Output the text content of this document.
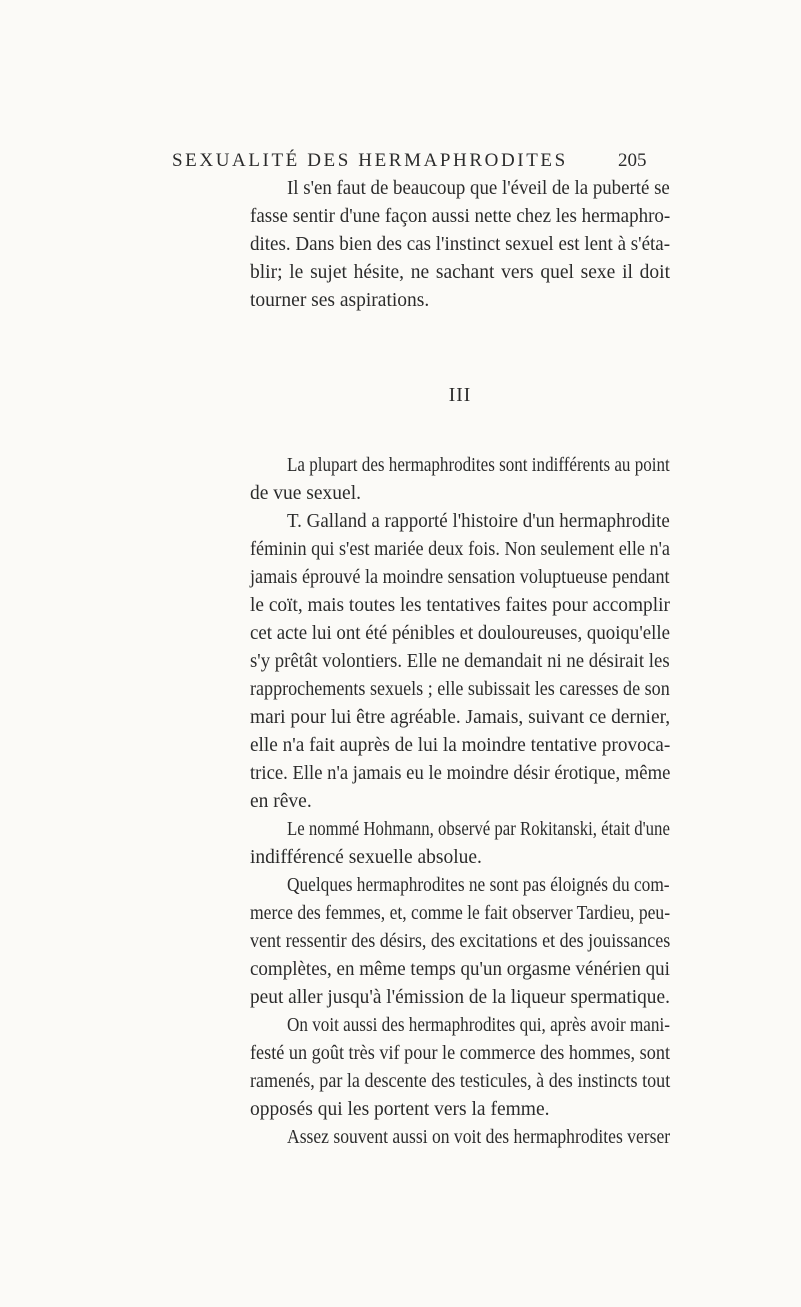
SEXUALITÉ DES HERMAPHRODITES	205
Il s'en faut de beaucoup que l'éveil de la puberté se
fasse sentir d'une façon aussi nette chez les hermaphro-
dites. Dans bien des cas l'instinct sexuel est lent à s'éta-
blir; le sujet hésite, ne sachant vers quel sexe il doit
tourner ses aspirations.
III
La plupart des hermaphrodites sont indifférents au point
de vue sexuel.
T. Galland a rapporté l'histoire d'un hermaphrodite
féminin qui s'est mariée deux fois. Non seulement elle n'a
jamais éprouvé la moindre sensation voluptueuse pendant
le coït, mais toutes les tentatives faites pour accomplir
cet acte lui ont été pénibles et douloureuses, quoiqu'elle
s'y prêtât volontiers. Elle ne demandait ni ne désirait les
rapprochements sexuels ; elle subissait les caresses de son
mari pour lui être agréable. Jamais, suivant ce dernier,
elle n'a fait auprès de lui la moindre tentative provoca-
trice. Elle n'a jamais eu le moindre désir érotique, même
en rêve.
Le nommé Hohmann, observé par Rokitanski, était d'une
indifférencé sexuelle absolue.
Quelques hermaphrodites ne sont pas éloignés du com-
merce des femmes, et, comme le fait observer Tardieu, peu-
vent ressentir des désirs, des excitations et des jouissances
complètes, en même temps qu'un orgasme vénérien qui
peut aller jusqu'à l'émission de la liqueur spermatique.
On voit aussi des hermaphrodites qui, après avoir mani-
festé un goût très vif pour le commerce des hommes, sont
ramenés, par la descente des testicules, à des instincts tout
opposés qui les portent vers la femme.
Assez souvent aussi on voit des hermaphrodites verser
